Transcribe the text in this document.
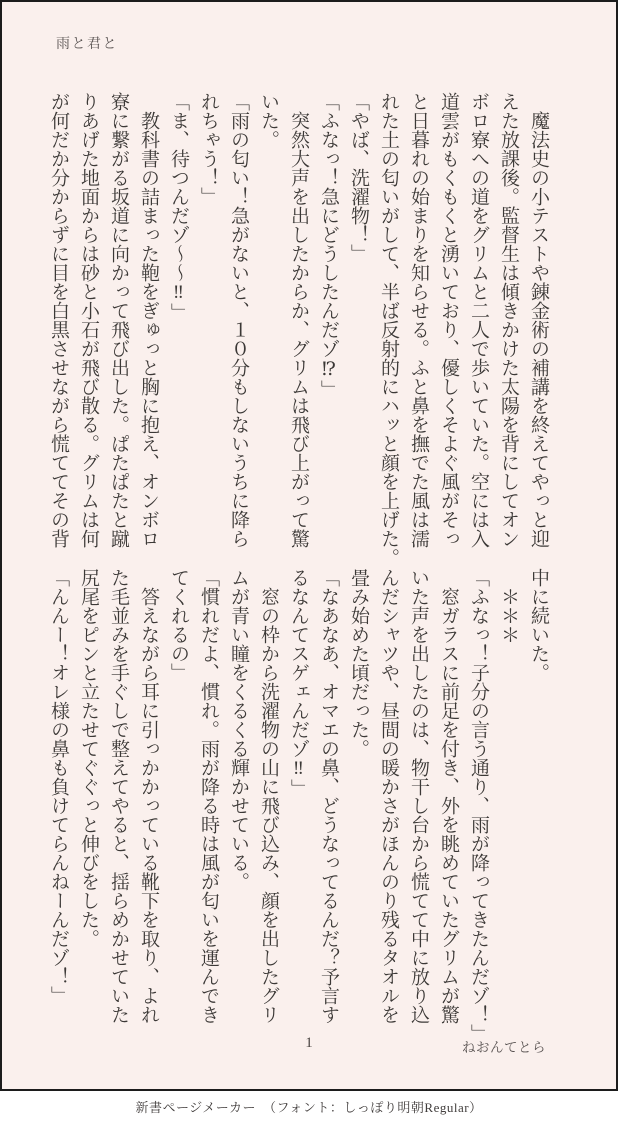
雨と君と

　魔法史の小テストや錬金術の補講を終えてやっと迎

えた放課後。監督生は傾きかけた太陽を背にしてオン

ボロ寮への道をグリムと二人で歩いていた。空には入

道雲がもくもくと湧いており、優しくそよぐ風がそっ

と日暮れの始まりを知らせる。ふと鼻を撫でた風は濡

れた土の匂いがして、半ば反射的にハッと顔を上げた。

「やば、洗濯物！」

「ふなっ！急にどうしたんだゾ⁉」

　突然大声を出したからか、グリムは飛び上がって驚

いた。

「雨の匂い！急がないと、１０分もしないうちに降ら

れちゃう！」

「ま、待つんだゾ～～‼」

　教科書の詰まった鞄をぎゅっと胸に抱え、オンボロ

寮に繋がる坂道に向かって飛び出した。ぱたぱたと蹴

りあげた地面からは砂と小石が飛び散る。グリムは何

が何だか分からずに目を白黒させながら慌ててその背

中に続いた。

　＊＊＊

「ふなっ！子分の言う通り、雨が降ってきたんだゾ！」

　窓ガラスに前足を付き、外を眺めていたグリムが驚

いた声を出したのは、物干し台から慌てて中に放り込

んだシャツや、昼間の暖かさがほんのり残るタオルを

畳み始めた頃だった。

「なあなあ、オマエの鼻、どうなってるんだ？予言す

るなんてスゲェんだゾ‼」

　窓の枠から洗濯物の山に飛び込み、顔を出したグリ

ムが青い瞳をくるくる輝かせている。

「慣れだよ、慣れ。雨が降る時は風が匂いを運んでき

てくれるの」

　答えながら耳に引っかかっている靴下を取り、よれ

た毛並みを手ぐしで整えてやると、揺らめかせていた

尻尾をピンと立たせてぐぐっと伸びをした。

「んんー！オレ様の鼻も負けてらんねーんだゾ！」

1	ねおんてとら
新書ページメーカー　（フォント：しっぽり明朝Regular）
